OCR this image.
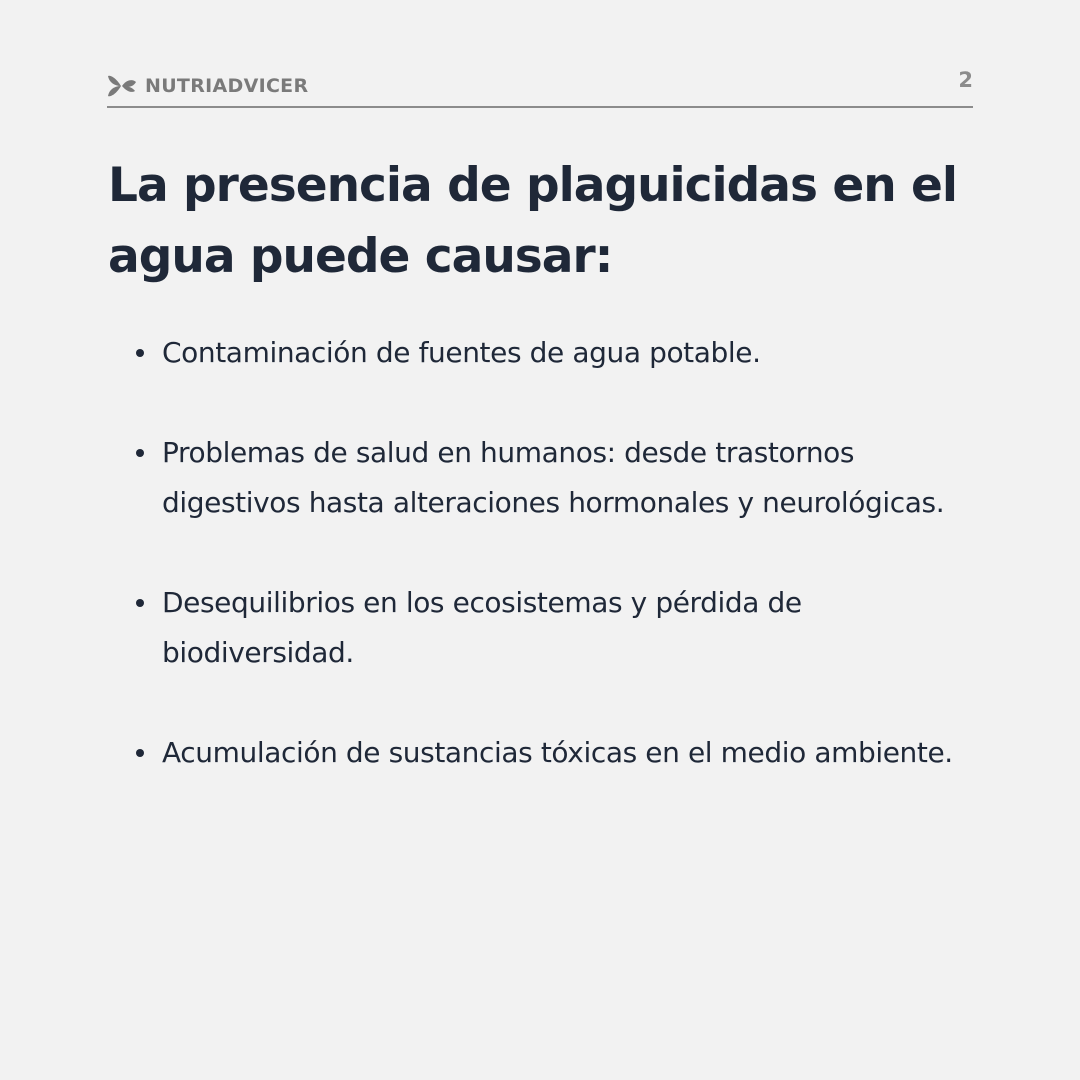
NUTRIADVICER	2
La presencia de plaguicidas en el agua puede causar:
Contaminación de fuentes de agua potable.
Problemas de salud en humanos: desde trastornos digestivos hasta alteraciones hormonales y neurológicas.
Desequilibrios en los ecosistemas y pérdida de biodiversidad.
Acumulación de sustancias tóxicas en el medio ambiente.
